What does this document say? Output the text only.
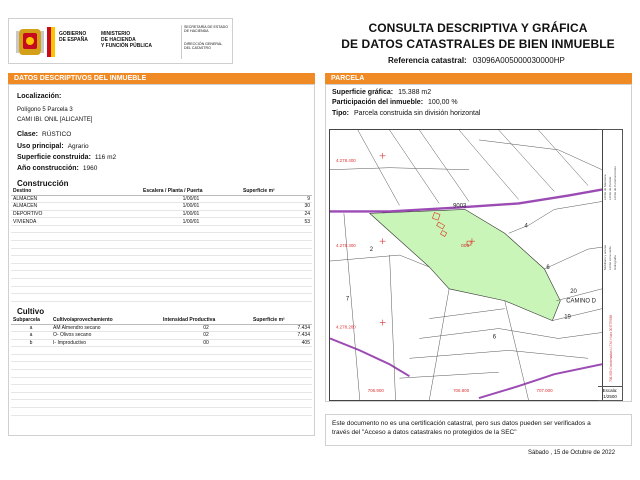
GOBIERNO
DE ESPAÑA
MINISTERIO
DE HACIENDA
Y FUNCIÓN PÚBLICA
SECRETARÍA DE ESTADO
DE HACIENDA
DIRECCIÓN GENERAL
DEL CATASTRO
CONSULTA DESCRIPTIVA Y GRÁFICA
DE DATOS CATASTRALES DE BIEN INMUEBLE
Referencia catastral: 03096A005000030000HP
DATOS DESCRIPTIVOS DEL INMUEBLE
Localización:
Polígono 5 Parcela 3
CAMI IBI. ONIL [ALICANTE]
Clase: RÚSTICO
Uso principal: Agrario
Superficie construida: 116 m2
Año construcción: 1960
Construcción
Destino	Escalera / Planta / Puerta	Superficie m²
ALMACEN	1/00/01	9
ALMACEN	1/00/01	30
DEPORTIVO	1/00/01	24
VIVIENDA	1/00/01	53

Cultivo
Subparcela	Cultivo/aprovechamiento	Intensidad Productiva	Superficie m²
a	AM Almendro secano	02	7.434
a	O- Olivos secano	02	7.434
b	I- Improductivo	00	405

PARCELA
Superficie gráfica: 15.388 m2
Participación del inmueble: 100,00 %
Tipo: Parcela construida sin división horizontal
9003
2
4
6
20
CAMINO D
19
7
6
005
4.278.400
4.278.300
4.278.200
706.900	706.800	707.000
Límite de Manzana Límite de Parcela Límite de Construcciones
Mobiliario y aceras Límite zona verde Hidrografía
706.909 Coordenadas U.T.M. Huso 30 ETRS89
Escala:
1/2500
Este documento no es una certificación catastral, pero sus datos pueden ser verificados a
través del "Acceso a datos catastrales no protegidos de la SEC"
Sábado , 15 de Octubre de 2022
